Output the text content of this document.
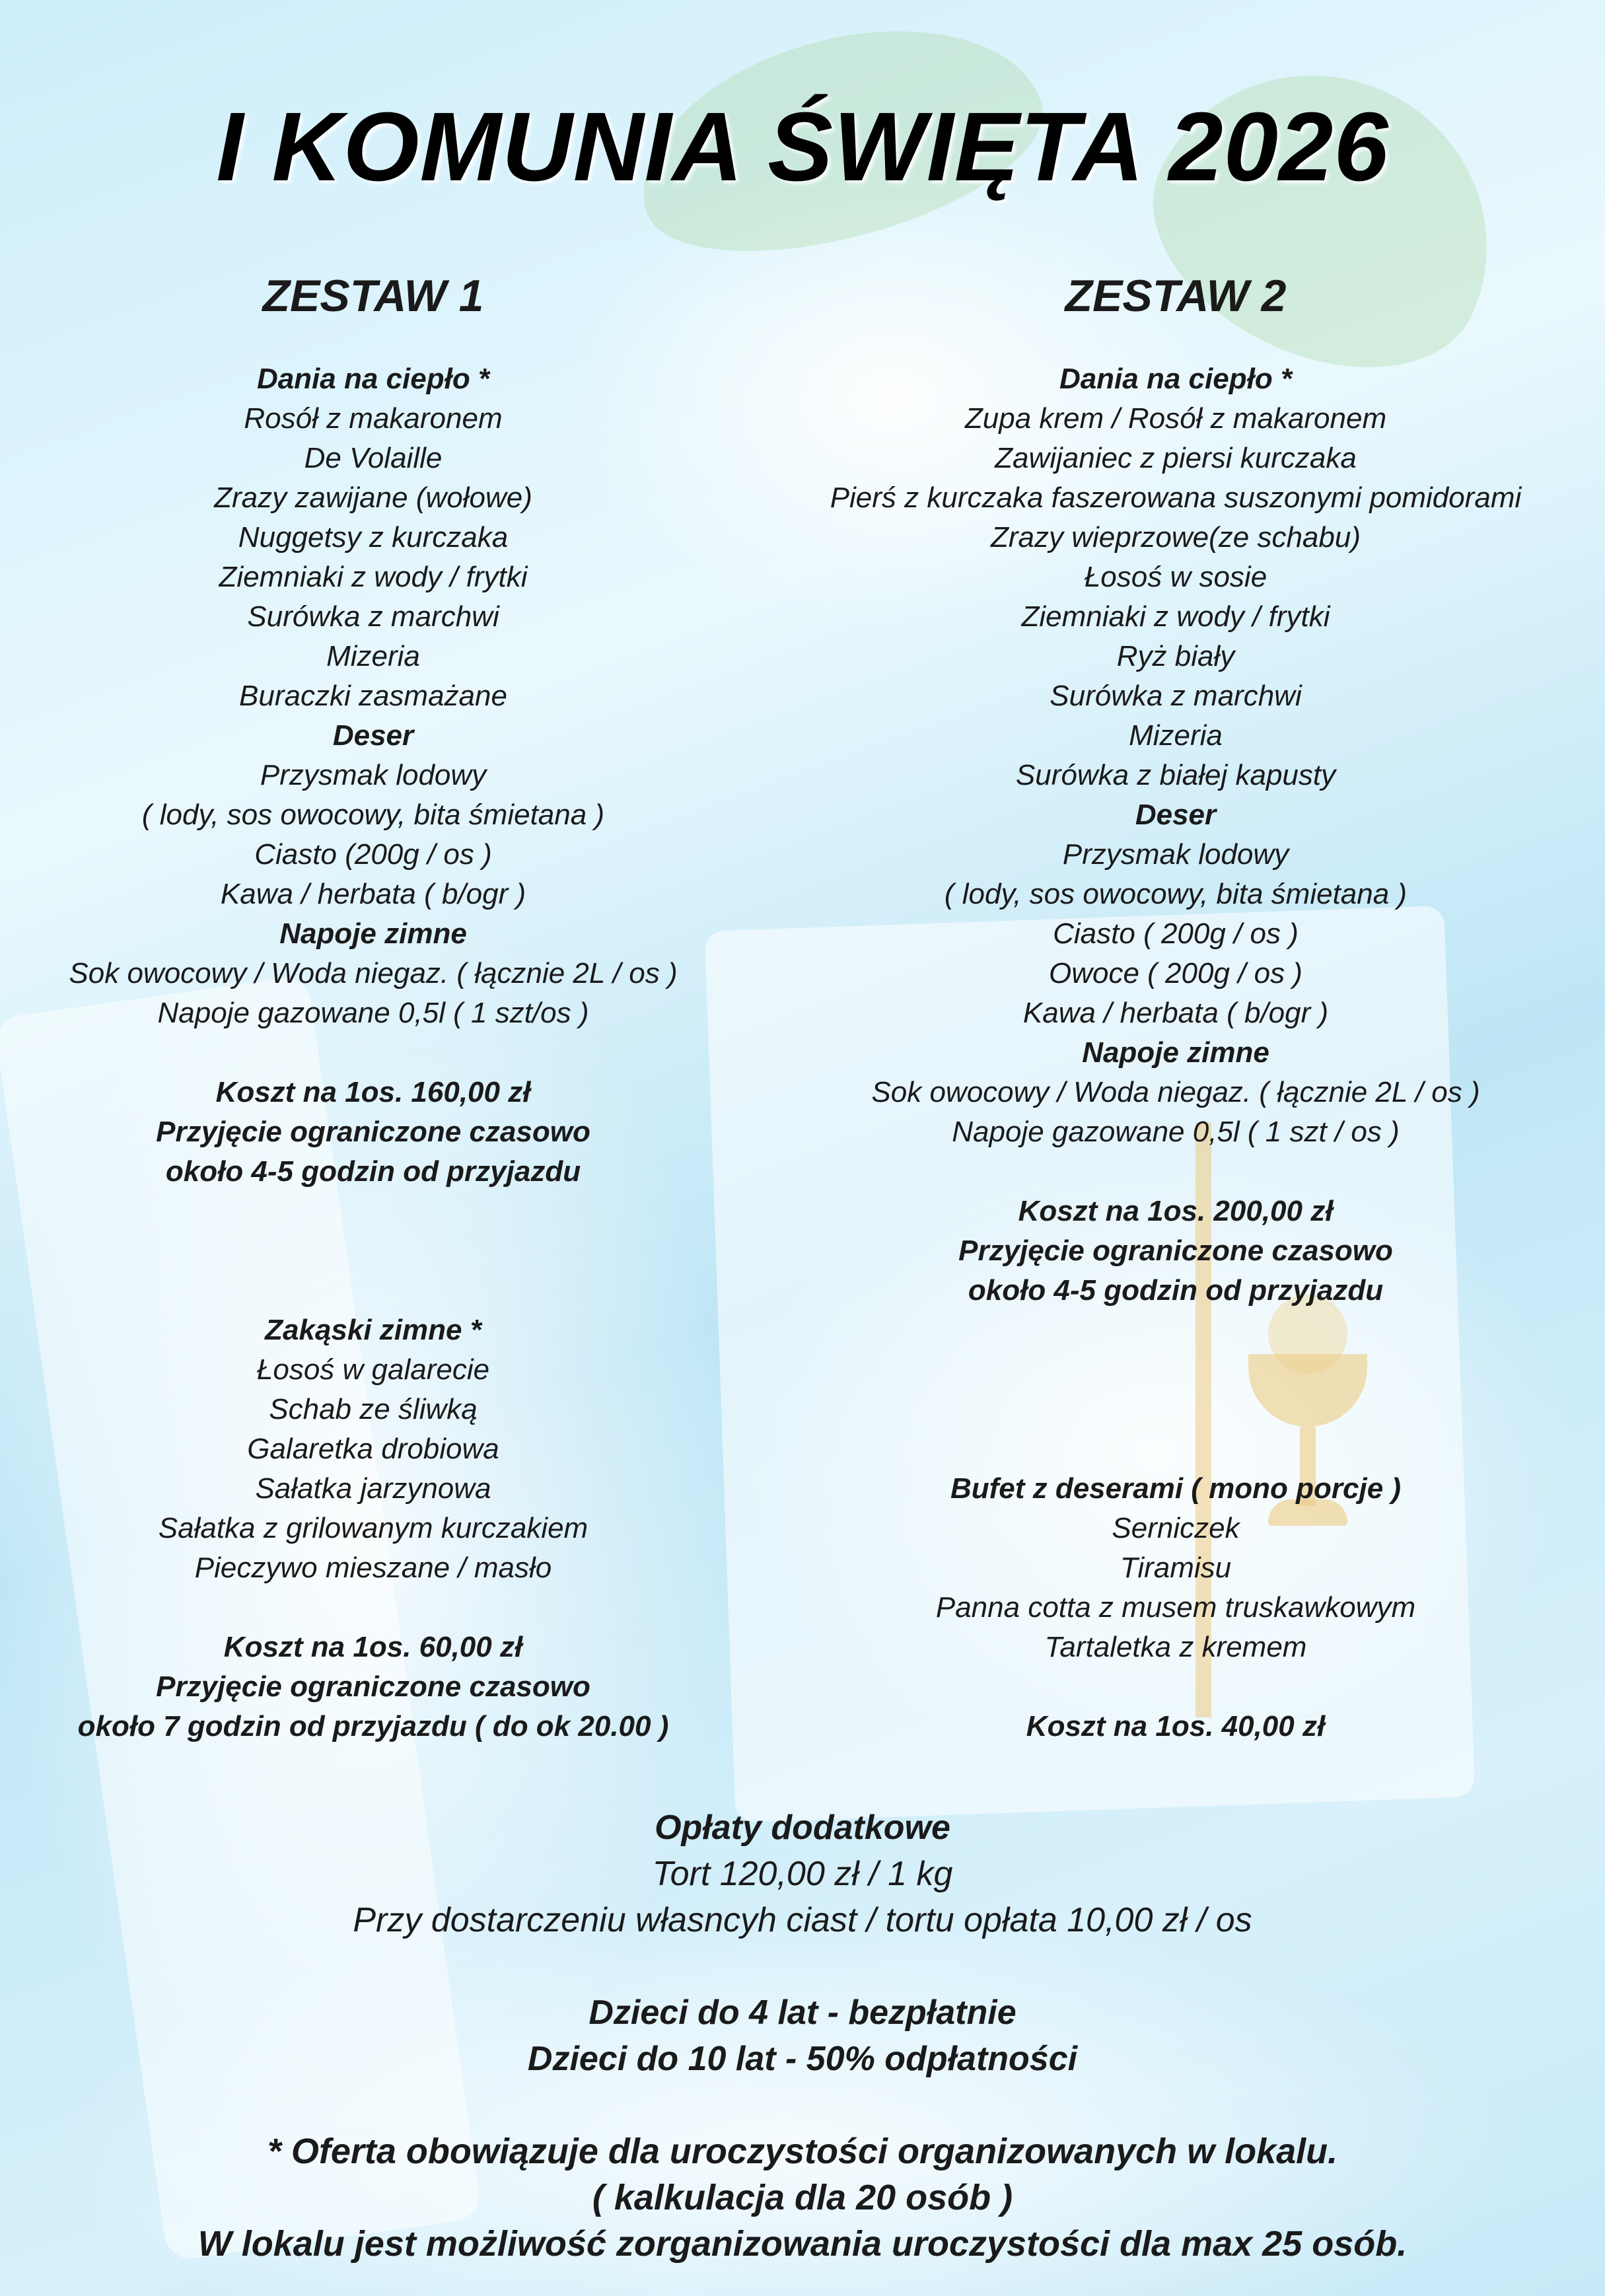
I KOMUNIA ŚWIĘTA 2026
ZESTAW 1
Dania na ciepło *
Rosół z makaronem
De Volaille
Zrazy zawijane (wołowe)
Nuggetsy z kurczaka
Ziemniaki z wody / frytki
Surówka z marchwi
Mizeria
Buraczki zasmażane
Deser
Przysmak lodowy
( lody, sos owocowy, bita śmietana )
Ciasto (200g / os )
Kawa / herbata ( b/ogr )
Napoje zimne
Sok owocowy / Woda niegaz. ( łącznie 2L / os )
Napoje gazowane 0,5l ( 1 szt/os )
Koszt na 1os. 160,00 zł
Przyjęcie ograniczone czasowo
około 4-5 godzin od przyjazdu
Zakąski zimne *
Łosoś w galarecie
Schab ze śliwką
Galaretka drobiowa
Sałatka jarzynowa
Sałatka z grilowanym kurczakiem
Pieczywo mieszane / masło
Koszt na 1os. 60,00 zł
Przyjęcie ograniczone czasowo
około 7 godzin od przyjazdu ( do ok 20.00 )
ZESTAW 2
Dania na ciepło *
Zupa krem / Rosół z makaronem
Zawijaniec z piersi kurczaka
Pierś z kurczaka faszerowana suszonymi pomidorami
Zrazy wieprzowe(ze schabu)
Łosoś w sosie
Ziemniaki z wody / frytki
Ryż biały
Surówka z marchwi
Mizeria
Surówka z białej kapusty
Deser
Przysmak lodowy
( lody, sos owocowy, bita śmietana )
Ciasto ( 200g / os )
Owoce ( 200g / os )
Kawa / herbata ( b/ogr )
Napoje zimne
Sok owocowy / Woda niegaz. ( łącznie 2L / os )
Napoje gazowane 0,5l ( 1 szt / os )
Koszt na 1os. 200,00 zł
Przyjęcie ograniczone czasowo
około 4-5 godzin od przyjazdu
Bufet z deserami ( mono porcje )
Serniczek
Tiramisu
Panna cotta z musem truskawkowym
Tartaletka z kremem
Koszt na 1os. 40,00 zł
Opłaty dodatkowe
Tort 120,00 zł / 1 kg
Przy dostarczeniu własncyh ciast / tortu opłata 10,00 zł / os
Dzieci do 4 lat - bezpłatnie
Dzieci do 10 lat - 50% odpłatności
* Oferta obowiązuje dla uroczystości organizowanych w lokalu.
( kalkulacja dla 20 osób )
W lokalu jest możliwość zorganizowania uroczystości dla max 25 osób.
